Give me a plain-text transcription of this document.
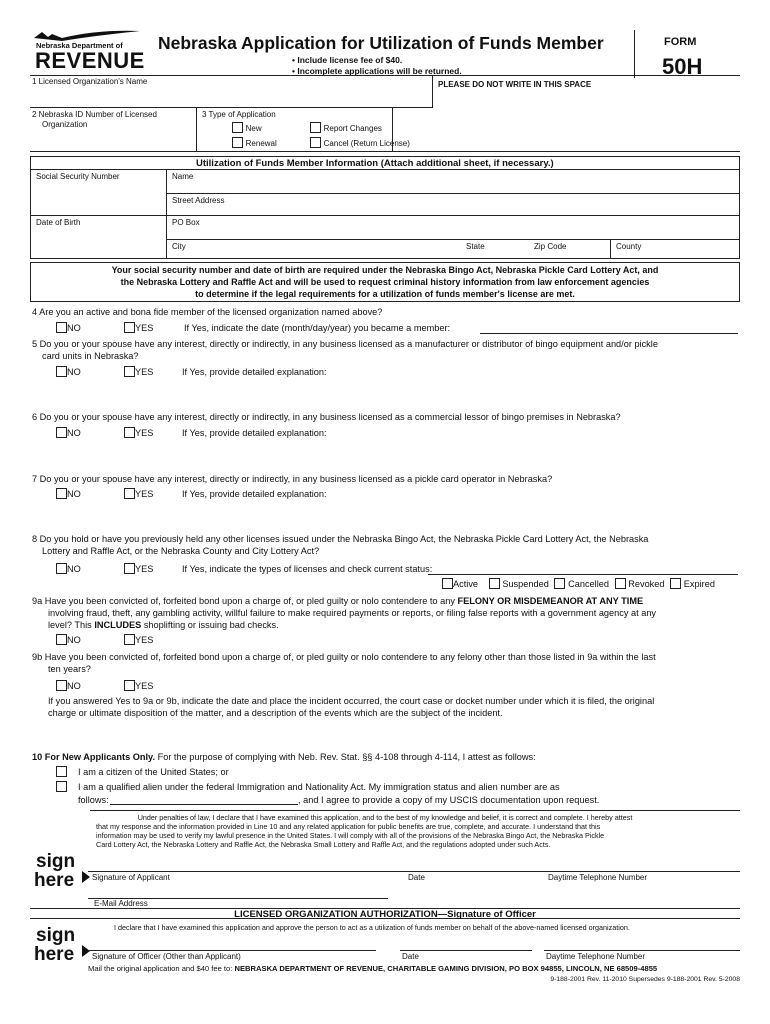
Nebraska Department of
REVENUE
Nebraska Application for Utilization of Funds Member
• Include license fee of $40.
• Incomplete applications will be returned.
FORM
50H
1 Licensed Organization's Name	PLEASE DO NOT WRITE IN THIS SPACE
2 Nebraska ID Number of Licensed
Organization
3 Type of Application
New
Renewal
Report Changes
Cancel (Return License)
Utilization of Funds Member Information (Attach additional sheet, if necessary.)
Social Security Number	Name
Street Address
Date of Birth	PO Box
City	State	Zip Code	County
Your social security number and date of birth are required under the Nebraska Bingo Act, Nebraska Pickle Card Lottery Act, and
the Nebraska Lottery and Raffle Act and will be used to request criminal history information from law enforcement agencies
to determine if the legal requirements for a utilization of funds member's license are met.
4 Are you an active and bona fide member of the licensed organization named above?
NO	YES	If Yes, indicate the date (month/day/year) you became a member:
5 Do you or your spouse have any interest, directly or indirectly, in any business licensed as a manufacturer or distributor of bingo equipment and/or pickle
card units in Nebraska?
NO	YES	If Yes, provide detailed explanation:
6 Do you or your spouse have any interest, directly or indirectly, in any business licensed as a commercial lessor of bingo premises in Nebraska?
NO	YES	If Yes, provide detailed explanation:
7 Do you or your spouse have any interest, directly or indirectly, in any business licensed as a pickle card operator in Nebraska?
NO	YES	If Yes, provide detailed explanation:
8 Do you hold or have you previously held any other licenses issued under the Nebraska Bingo Act, the Nebraska Pickle Card Lottery Act, the Nebraska
Lottery and Raffle Act, or the Nebraska County and City Lottery Act?
NO	YES	If Yes, indicate the types of licenses and check current status:
Active	Suspended Cancelled Revoked Expired
9a Have you been convicted of, forfeited bond upon a charge of, or pled guilty or nolo contendere to any FELONY OR MISDEMEANOR AT ANY TIME
involving fraud, theft, any gambling activity, willful failure to make required payments or reports, or filing false reports with a government agency at any
level? This INCLUDES shoplifting or issuing bad checks.
NO	YES
9b Have you been convicted of, forfeited bond upon a charge of, or pled guilty or nolo contendere to any felony other than those listed in 9a within the last
ten years?
NO	YES
If you answered Yes to 9a or 9b, indicate the date and place the incident occurred, the court case or docket number under which it is filed, the original
charge or ultimate disposition of the matter, and a description of the events which are the subject of the incident.
10 For New Applicants Only. For the purpose of complying with Neb. Rev. Stat. §§ 4-108 through 4-114, I attest as follows:
I am a citizen of the United States; or
I am a qualified alien under the federal Immigration and Nationality Act. My immigration status and alien number are as
follows:	, and I agree to provide a copy of my USCIS documentation upon request.
Under penalties of law, I declare that I have examined this application, and to the best of my knowledge and belief, it is correct and complete. I hereby attest
that my response and the information provided in Line 10 and any related application for public benefits are true, complete, and accurate. I understand that this
information may be used to verify my lawful presence in the United States. I will comply with all of the provisions of the Nebraska Bingo Act, the Nebraska Pickle
Card Lottery Act, the Nebraska Lottery and Raffle Act, the Nebraska Small Lottery and Raffle Act, and the regulations adopted under such Acts.
sign
here Signature of Applicant	Date	Daytime Telephone Number
E-Mail Address
LICENSED ORGANIZATION AUTHORIZATION—Signature of Officer
I declare that I have examined this application and approve the person to act as a utilization of funds member on behalf of the above-named licensed organization.
sign
here Signature of Officer (Other than Applicant)	Date	Daytime Telephone Number
Mail the original application and $40 fee to: NEBRASKA DEPARTMENT OF REVENUE, CHARITABLE GAMING DIVISION, PO BOX 94855, LINCOLN, NE 68509-4855
9-188-2001 Rev. 11-2010 Supersedes 9-188-2001 Rev. 5-2008
